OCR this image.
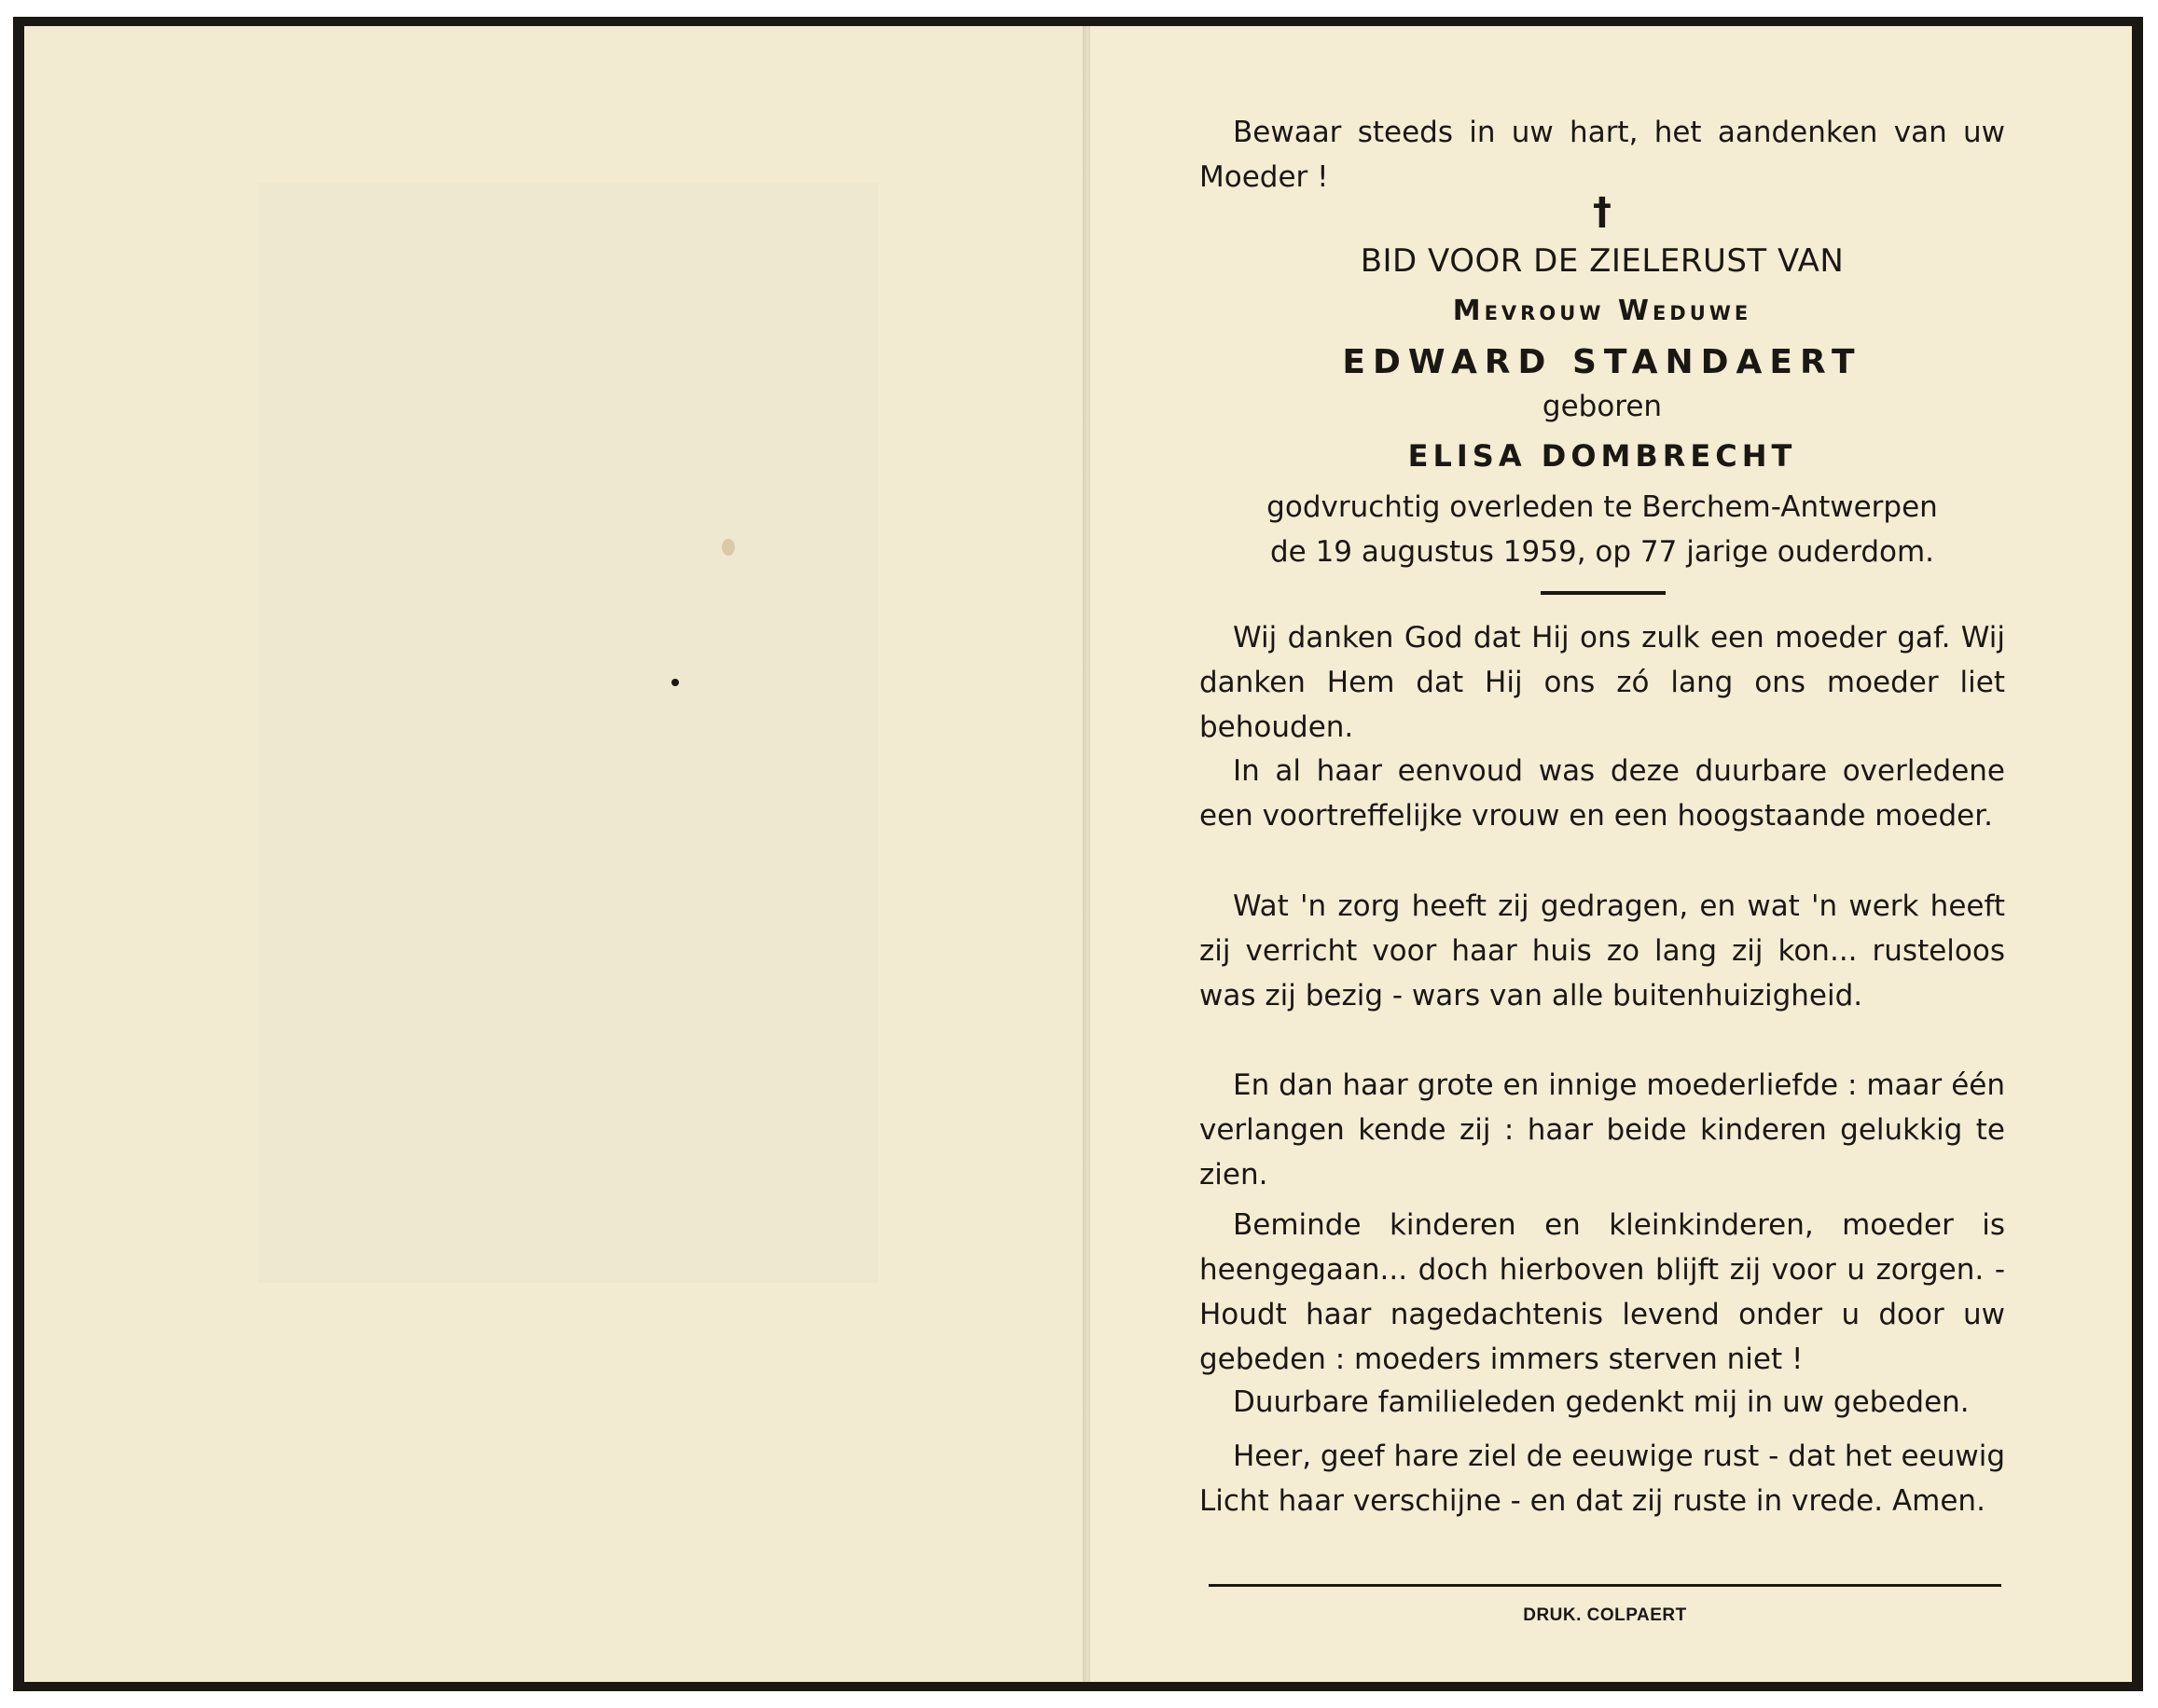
Bewaar steeds in uw hart, het aandenken van uw Moeder !

†
BID VOOR DE ZIELERUST VAN
Mevrouw Weduwe
EDWARD STANDAERT
geboren
ELISA DOMBRECHT
godvruchtig overleden te Berchem-Antwerpen
de 19 augustus 1959, op 77 jarige ouderdom.

Wij danken God dat Hij ons zulk een moeder gaf. Wij danken Hem dat Hij ons zó lang ons moeder liet behouden.

In al haar eenvoud was deze duurbare overledene een voortreffelijke vrouw en een hoogstaande moeder.

Wat 'n zorg heeft zij gedragen, en wat 'n werk heeft zij verricht voor haar huis zo lang zij kon... rusteloos was zij bezig - wars van alle buitenhuizigheid.

En dan haar grote en innige moederliefde : maar één verlangen kende zij : haar beide kinderen gelukkig te zien.

Beminde kinderen en kleinkinderen, moeder is heengegaan... doch hierboven blijft zij voor u zorgen. - Houdt haar nagedachtenis levend onder u door uw gebeden : moeders immers sterven niet !

Duurbare familieleden gedenkt mij in uw gebeden.

Heer, geef hare ziel de eeuwige rust - dat het eeuwig Licht haar verschijne - en dat zij ruste in vrede. Amen.

DRUK. COLPAERT
